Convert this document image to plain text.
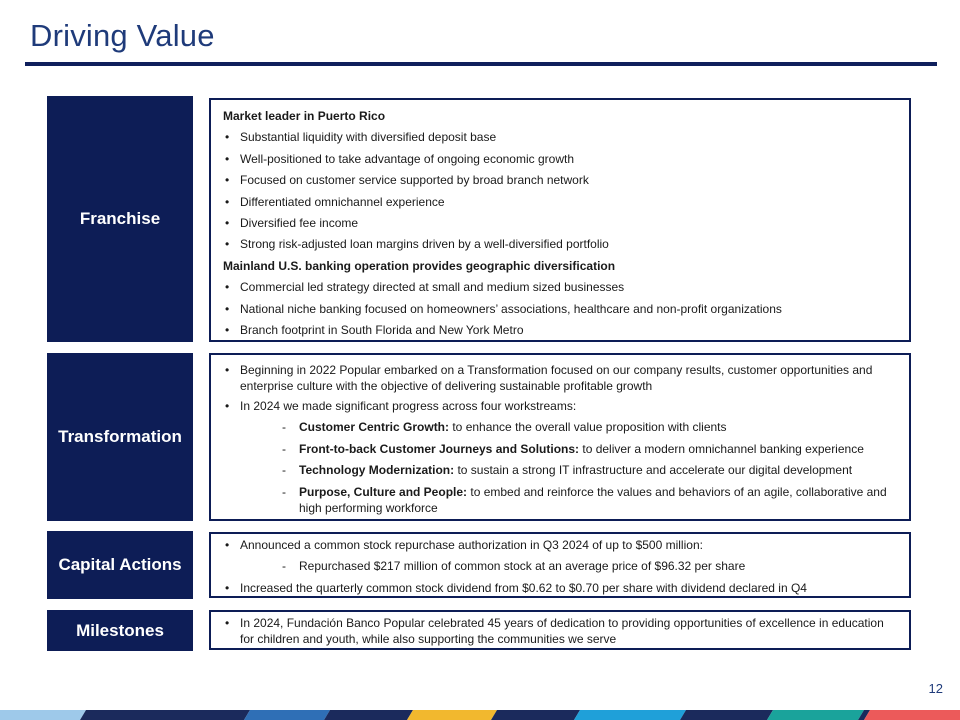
Driving Value
Franchise
Market leader in Puerto Rico
• Substantial liquidity with diversified deposit base
• Well-positioned to take advantage of ongoing economic growth
• Focused on customer service supported by broad branch network
• Differentiated omnichannel experience
• Diversified fee income
• Strong risk-adjusted loan margins driven by a well-diversified portfolio
Mainland U.S. banking operation provides geographic diversification
• Commercial led strategy directed at small and medium sized businesses
• National niche banking focused on homeowners’ associations, healthcare and non-profit organizations
• Branch footprint in South Florida and New York Metro
Transformation
• Beginning in 2022 Popular embarked on a Transformation focused on our company results, customer opportunities and enterprise culture with the objective of delivering sustainable profitable growth
• In 2024 we made significant progress across four workstreams:
- Customer Centric Growth: to enhance the overall value proposition with clients
- Front-to-back Customer Journeys and Solutions: to deliver a modern omnichannel banking experience
- Technology Modernization: to sustain a strong IT infrastructure and accelerate our digital development
- Purpose, Culture and People: to embed and reinforce the values and behaviors of an agile, collaborative and high performing workforce
Capital Actions
• Announced a common stock repurchase authorization in Q3 2024 of up to $500 million:
- Repurchased $217 million of common stock at an average price of $96.32 per share
• Increased the quarterly common stock dividend from $0.62 to $0.70 per share with dividend declared in Q4
Milestones
•	In 2024, Fundación Banco Popular celebrated 45 years of dedication to providing opportunities of excellence in education for children and youth, while also supporting the communities we serve
12
